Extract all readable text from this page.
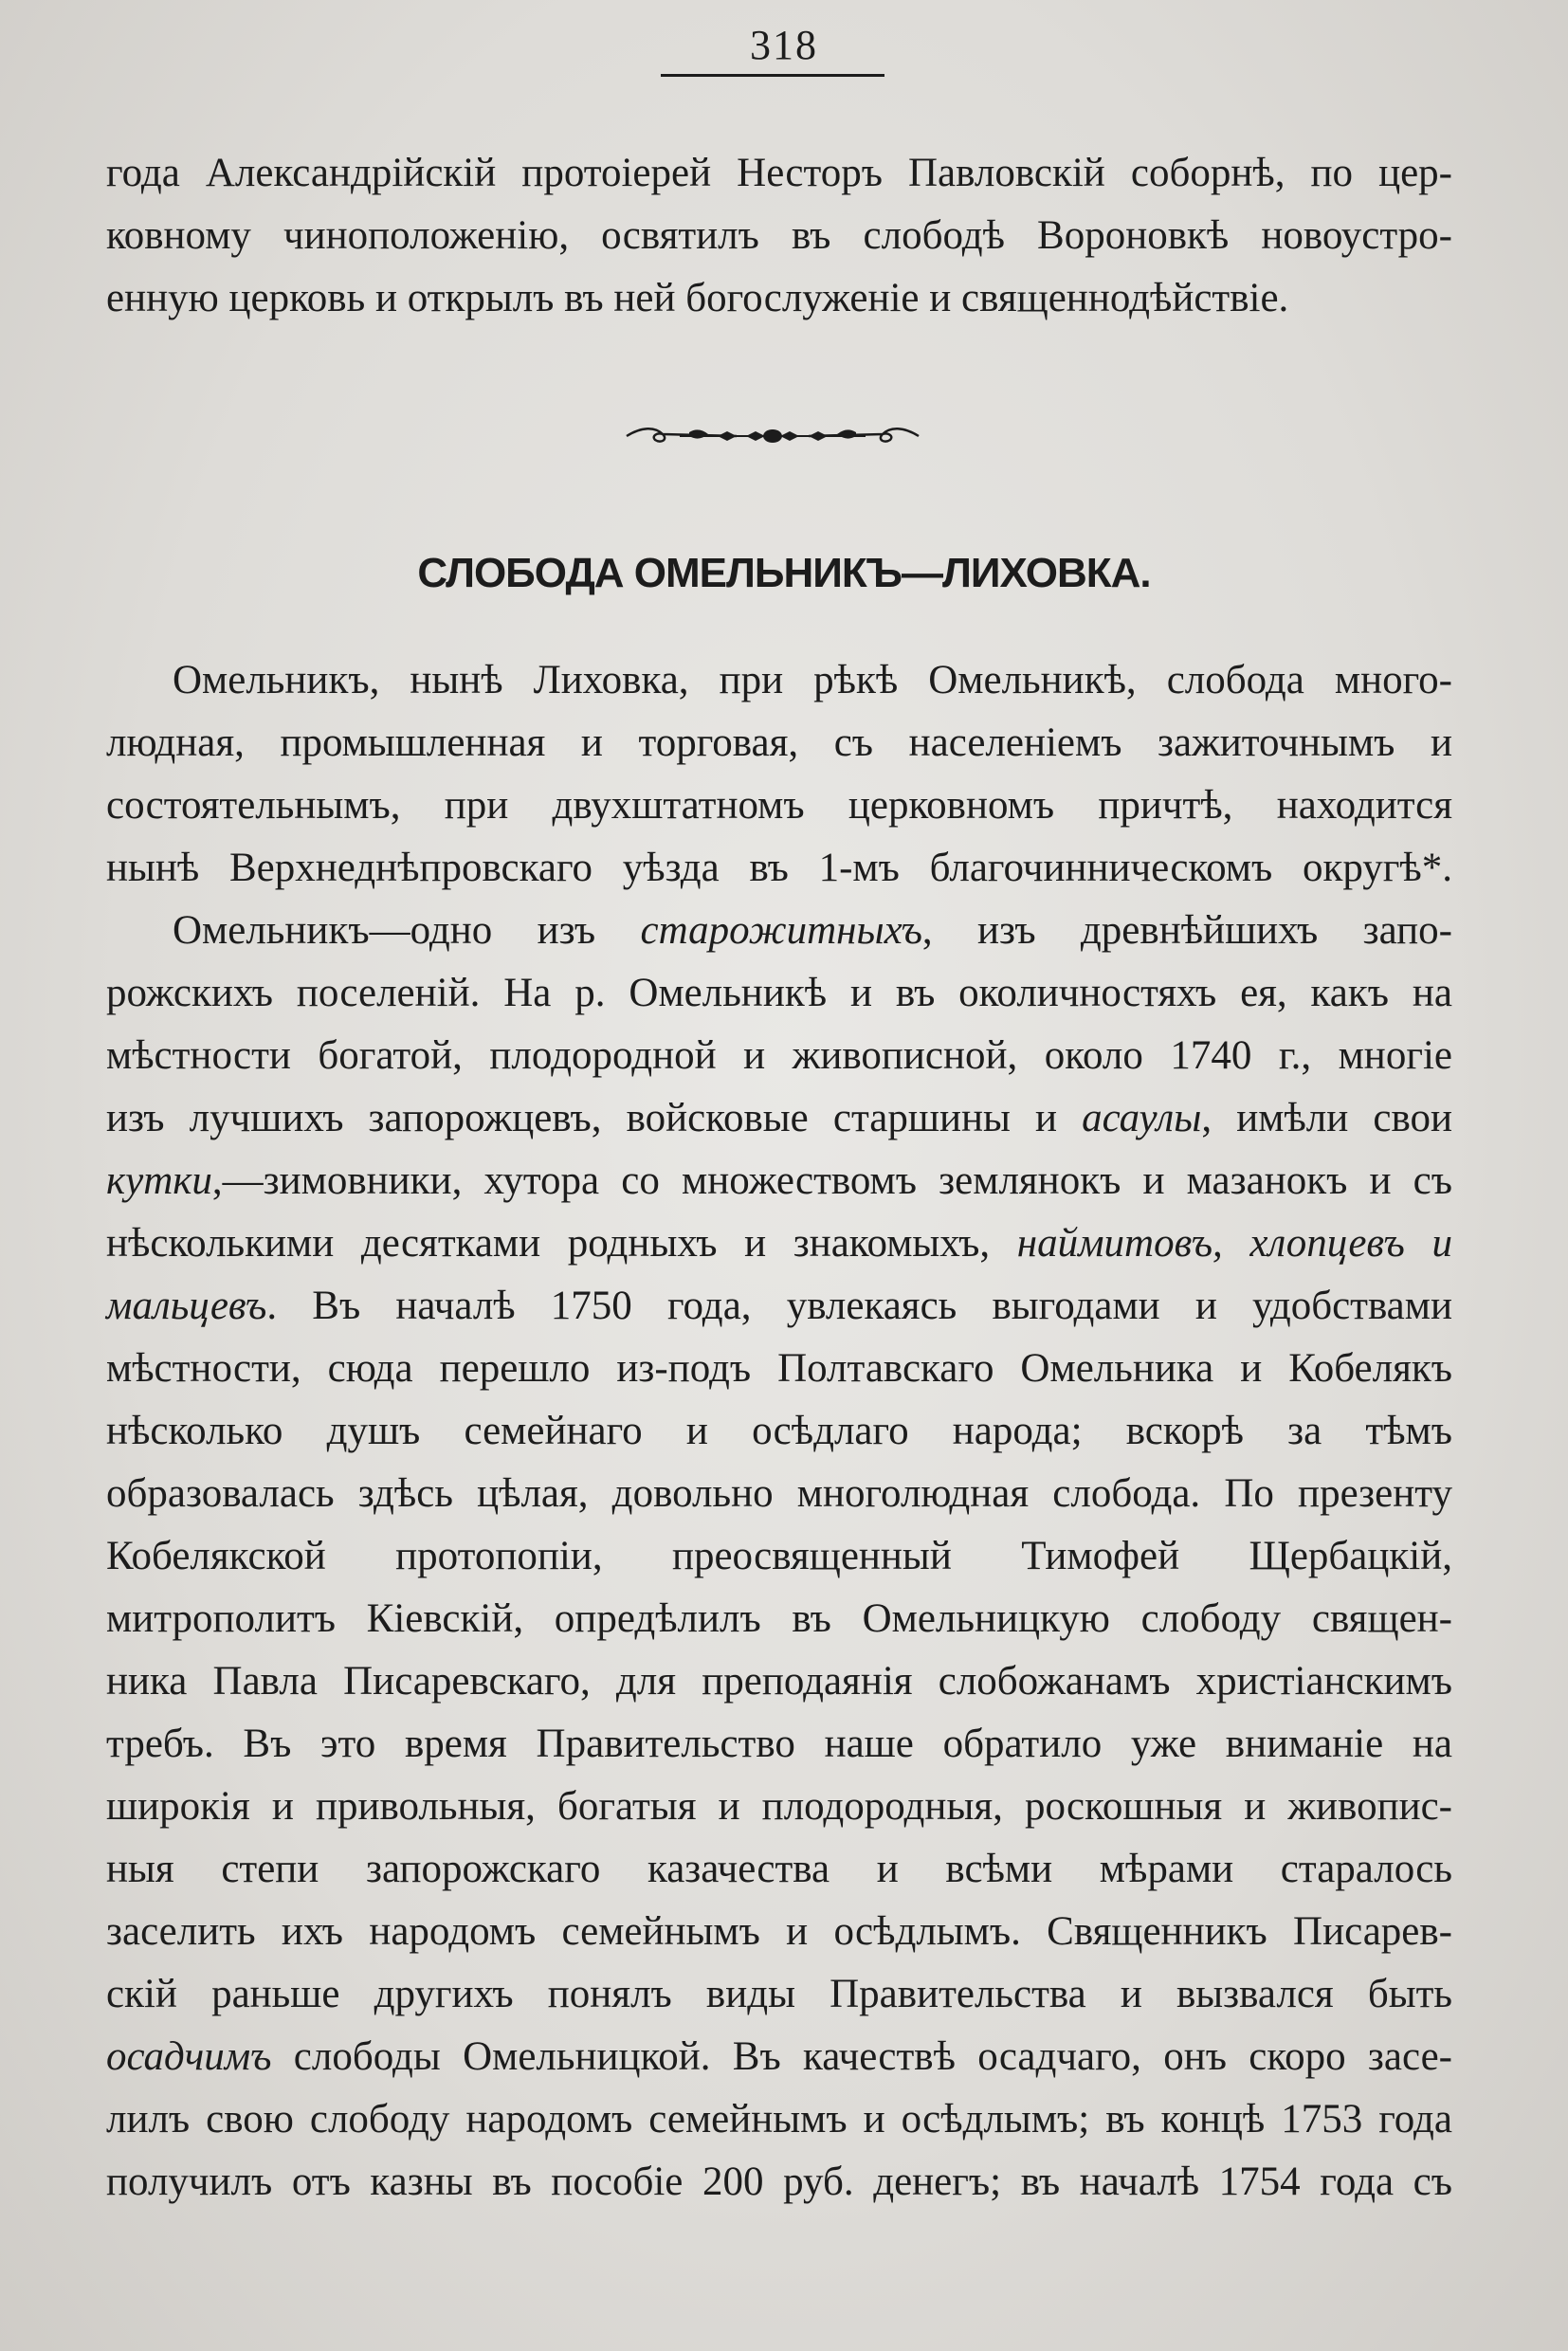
318
года Александрійскій протоіерей Несторъ Павловскій соборнѣ, по цер-
ковному чиноположенію, освятилъ въ слободѣ Вороновкѣ новоустро-
енную церковь и открылъ въ ней богослуженіе и священнодѣйствіе.
СЛОБОДА ОМЕЛЬНИКЪ—ЛИХОВКА.
Омельникъ, нынѣ Лиховка, при рѣкѣ Омельникѣ, слобода много-
людная, промышленная и торговая, съ населеніемъ зажиточнымъ и
состоятельнымъ, при двухштатномъ церковномъ причтѣ, находится
нынѣ Верхнеднѣпровскаго уѣзда въ 1-мъ благочинническомъ округѣ*.
Омельникъ—одно изъ старожитныхъ, изъ древнѣйшихъ запо-
рожскихъ поселеній. На р. Омельникѣ и въ околичностяхъ ея, какъ на
мѣстности богатой, плодородной и живописной, около 1740 г., многіе
изъ лучшихъ запорожцевъ, войсковые старшины и асаулы, имѣли свои
кутки,—зимовники, хутора со множествомъ землянокъ и мазанокъ и съ
нѣсколькими десятками родныхъ и знакомыхъ, наймитовъ, хлопцевъ и
мальцевъ. Въ началѣ 1750 года, увлекаясь выгодами и удобствами
мѣстности, сюда перешло из-подъ Полтавскаго Омельника и Кобелякъ
нѣсколько душъ семейнаго и осѣдлаго народа; вскорѣ за тѣмъ
образовалась здѣсь цѣлая, довольно многолюдная слобода. По презенту
Кобелякской протопопіи, преосвященный Тимофей Щербацкій,
митрополитъ Кіевскій, опредѣлилъ въ Омельницкую слободу священ-
ника Павла Писаревскаго, для преподаянія слобожанамъ христіанскимъ
требъ. Въ это время Правительство наше обратило уже вниманіе на
широкія и привольныя, богатыя и плодородныя, роскошныя и живопис-
ныя степи запорожскаго казачества и всѣми мѣрами старалось
заселить ихъ народомъ семейнымъ и осѣдлымъ. Священникъ Писарев-
скій раньше другихъ понялъ виды Правительства и вызвался быть
осадчимъ слободы Омельницкой. Въ качествѣ осадчаго, онъ скоро засе-
лилъ свою слободу народомъ семейнымъ и осѣдлымъ; въ концѣ 1753 года
получилъ отъ казны въ пособіе 200 руб. денегъ; въ началѣ 1754 года съ
